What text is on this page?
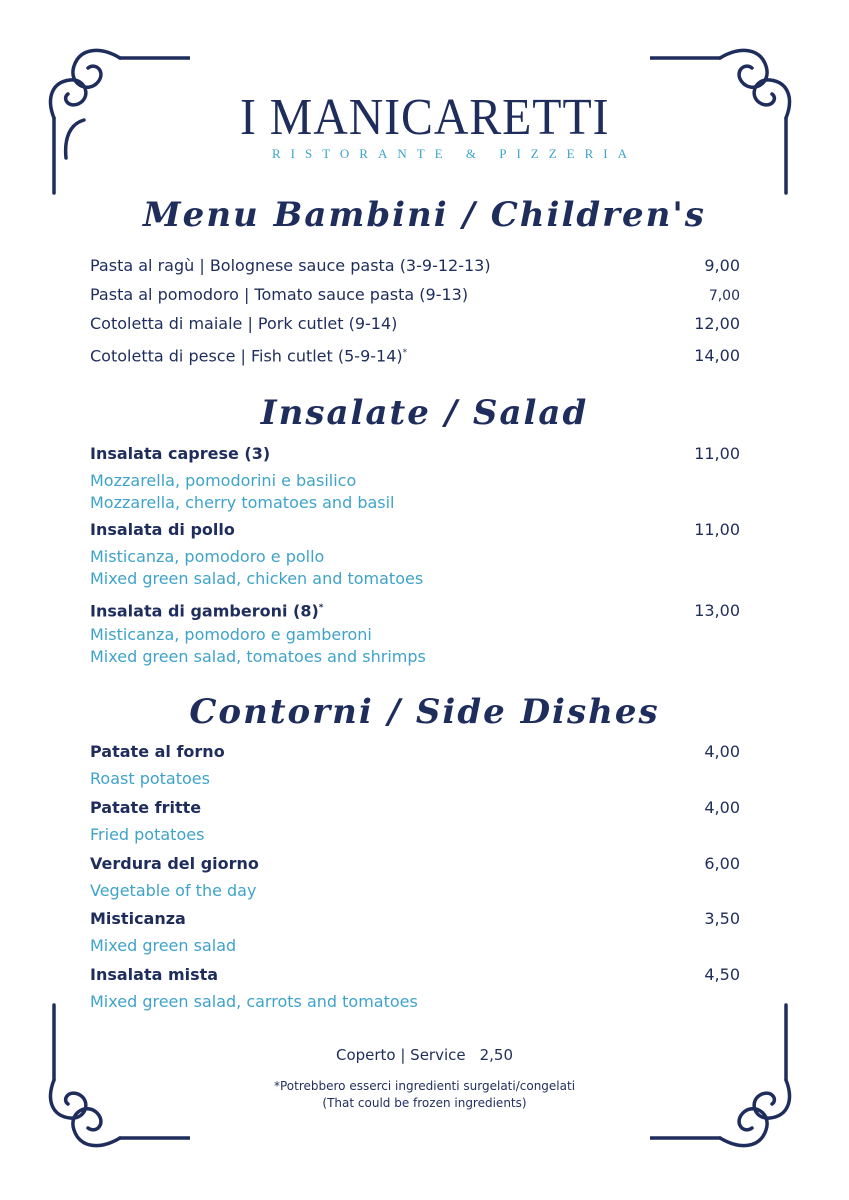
I MANICARETTI
RISTORANTE & PIZZERIA
Menu Bambini / Children's
Pasta al ragù | Bolognese sauce pasta (3-9-12-13)	9,00
Pasta al pomodoro | Tomato sauce pasta (9-13)	7,00
Cotoletta di maiale | Pork cutlet (9-14)	12,00
Cotoletta di pesce | Fish cutlet (5-9-14)*	14,00
Insalate / Salad
Insalata caprese (3)	11,00
Mozzarella, pomodorini e basilico
Mozzarella, cherry tomatoes and basil
Insalata di pollo	11,00
Misticanza, pomodoro e pollo
Mixed green salad, chicken and tomatoes
Insalata di gamberoni (8)*	13,00
Misticanza, pomodoro e gamberoni
Mixed green salad, tomatoes and shrimps
Contorni / Side Dishes
Patate al forno	4,00
Roast potatoes
Patate fritte	4,00
Fried potatoes
Verdura del giorno	6,00
Vegetable of the day
Misticanza	3,50
Mixed green salad
Insalata mista	4,50
Mixed green salad, carrots and tomatoes
Coperto | Service 2,50
*Potrebbero esserci ingredienti surgelati/congelati
(That could be frozen ingredients)
